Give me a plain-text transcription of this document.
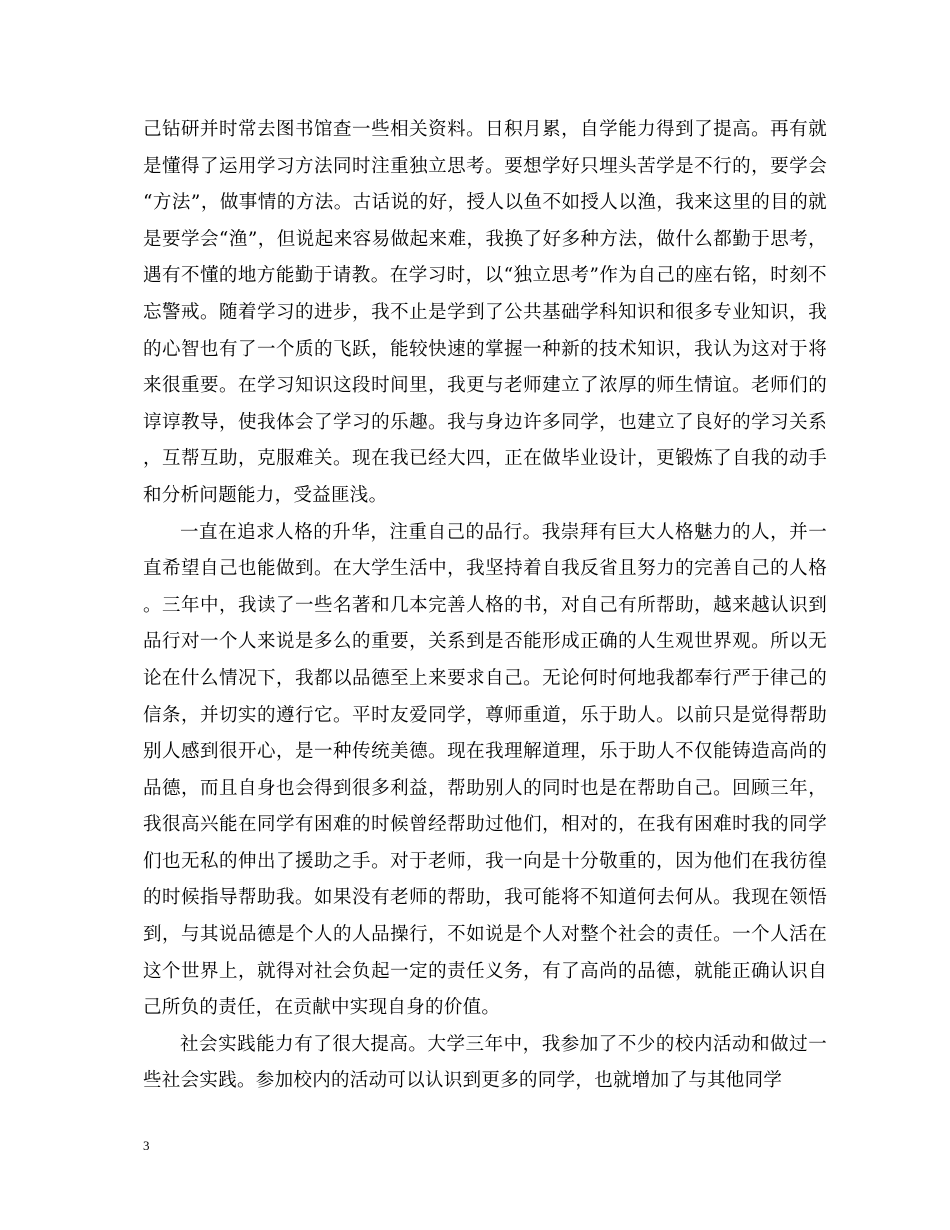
己钻研并时常去图书馆查一些相关资料。日积月累，自学能力得到了提高。再有就是懂得了运用学习方法同时注重独立思考。要想学好只埋头苦学是不行的，要学会“方法”，做事情的方法。古话说的好，授人以鱼不如授人以渔，我来这里的目的就是要学会“渔”，但说起来容易做起来难，我换了好多种方法，做什么都勤于思考，遇有不懂的地方能勤于请教。在学习时，以“独立思考”作为自己的座右铭，时刻不忘警戒。随着学习的进步，我不止是学到了公共基础学科知识和很多专业知识，我的心智也有了一个质的飞跃，能较快速的掌握一种新的技术知识，我认为这对于将来很重要。在学习知识这段时间里，我更与老师建立了浓厚的师生情谊。老师们的谆谆教导，使我体会了学习的乐趣。我与身边许多同学，也建立了良好的学习关系，互帮互助，克服难关。现在我已经大四，正在做毕业设计，更锻炼了自我的动手和分析问题能力，受益匪浅。

一直在追求人格的升华，注重自己的品行。我崇拜有巨大人格魅力的人，并一直希望自己也能做到。在大学生活中，我坚持着自我反省且努力的完善自己的人格。三年中，我读了一些名著和几本完善人格的书，对自己有所帮助，越来越认识到品行对一个人来说是多么的重要，关系到是否能形成正确的人生观世界观。所以无论在什么情况下，我都以品德至上来要求自己。无论何时何地我都奉行严于律己的信条，并切实的遵行它。平时友爱同学，尊师重道，乐于助人。以前只是觉得帮助别人感到很开心，是一种传统美德。现在我理解道理，乐于助人不仅能铸造高尚的品德，而且自身也会得到很多利益，帮助别人的同时也是在帮助自己。回顾三年，我很高兴能在同学有困难的时候曾经帮助过他们，相对的，在我有困难时我的同学们也无私的伸出了援助之手。对于老师，我一向是十分敬重的，因为他们在我彷徨的时候指导帮助我。如果没有老师的帮助，我可能将不知道何去何从。我现在领悟到，与其说品德是个人的人品操行，不如说是个人对整个社会的责任。一个人活在这个世界上，就得对社会负起一定的责任义务，有了高尚的品德，就能正确认识自己所负的责任，在贡献中实现自身的价值。

社会实践能力有了很大提高。大学三年中，我参加了不少的校内活动和做过一些社会实践。参加校内的活动可以认识到更多的同学，也就增加了与其他同学

3
